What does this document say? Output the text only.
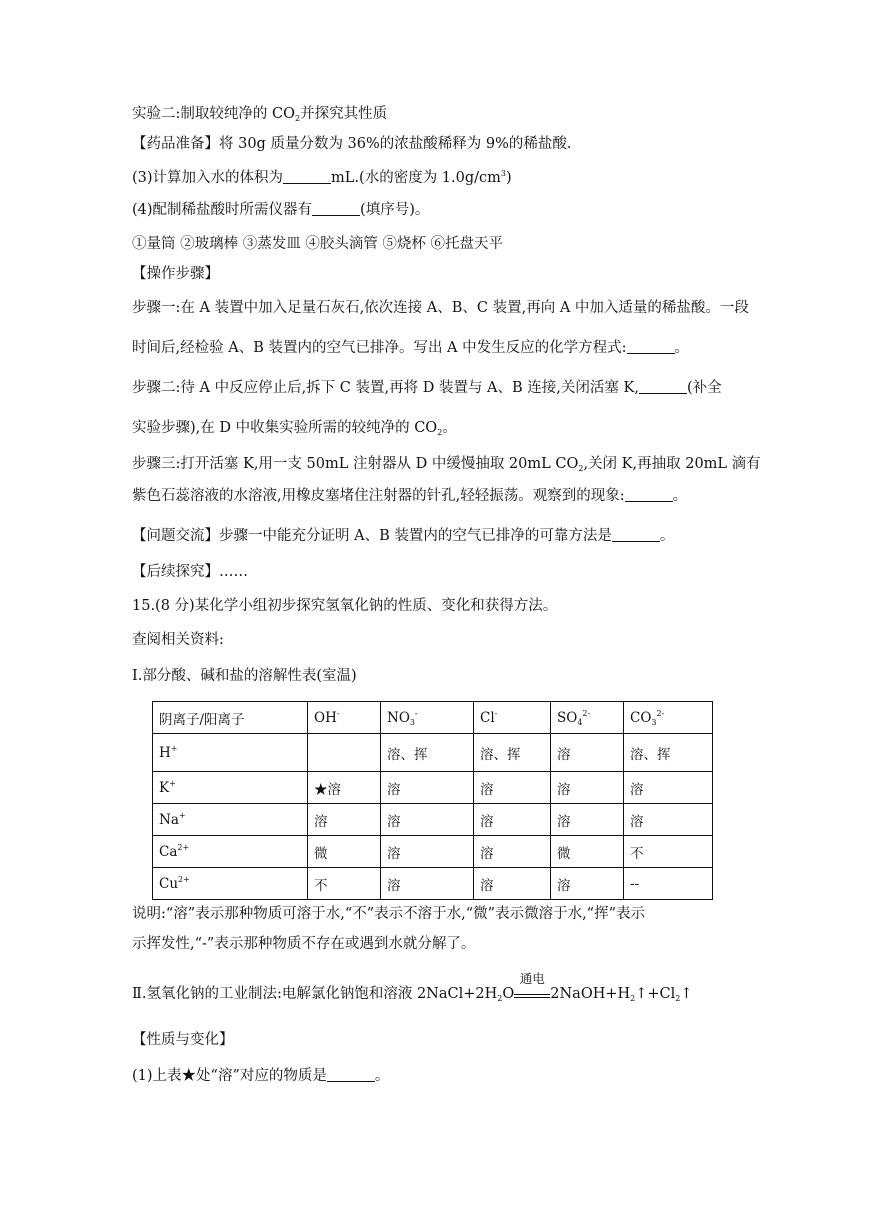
实验二:制取较纯净的 $CO_2$并探究其性质
【药品准备】将 30g 质量分数为 36%的浓盐酸稀释为 9%的稀盐酸.
(3)计算加入水的体积为	mL.(水的密度为 $1.0g/cm^3$)
(4)配制稀盐酸时所需仪器有	(填序号)。
①量筒 ②玻璃棒 ③蒸发皿 ④胶头滴管 ⑤烧杯 ⑥托盘天平
【操作步骤】
步骤一:在 A 装置中加入足量石灰石,依次连接 A、B、C 装置,再向 A 中加入适量的稀盐酸。一段
时间后,经检验 A、B 装置内的空气已排净。写出 A 中发生反应的化学方程式:	。
步骤二:待 A 中反应停止后,拆下 C 装置,再将 D 装置与 A、B 连接,关闭活塞 K,	(补全
实验步骤),在 D 中收集实验所需的较纯净的 $CO_2$。
步骤三:打开活塞 K,用一支 50mL 注射器从 D 中缓慢抽取 20mL $CO_2$,关闭 K,再抽取 20mL 滴有
紫色石蕊溶液的水溶液,用橡皮塞堵住注射器的针孔,轻轻振荡。观察到的现象:	。
【问题交流】步骤一中能充分证明 A、B 装置内的空气已排净的可靠方法是	。
【后续探究】……
15.(8 分)某化学小组初步探究氢氧化钠的性质、变化和获得方法。
查阅相关资料:
Ⅰ.部分酸、碱和盐的溶解性表(室温)
阴离子/阳离子	OH-	$NO_3^-$	Cl-	$SO_4^{2-}$	$CO_3^{2-}$
H+		溶、挥	溶、挥	溶	溶、挥
K+	★溶	溶	溶	溶	溶
Na+	溶	溶	溶	溶	溶
$Ca^{2+}$	微	溶	溶	微	不
$Cu^{2+}$	不	溶	溶	溶	--
说明:“溶”表示那种物质可溶于水,“不”表示不溶于水,“微”表示微溶于水,“挥”表示
示挥发性,“-”表示那种物质不存在或遇到水就分解了。
Ⅱ.氢氧化钠的工业制法:电解氯化钠饱和溶液 $2NaCl+2H_2O$
通电
$2NaOH+H_2↑+Cl_2↑$
【性质与变化】
(1)上表★处“溶”对应的物质是	。
